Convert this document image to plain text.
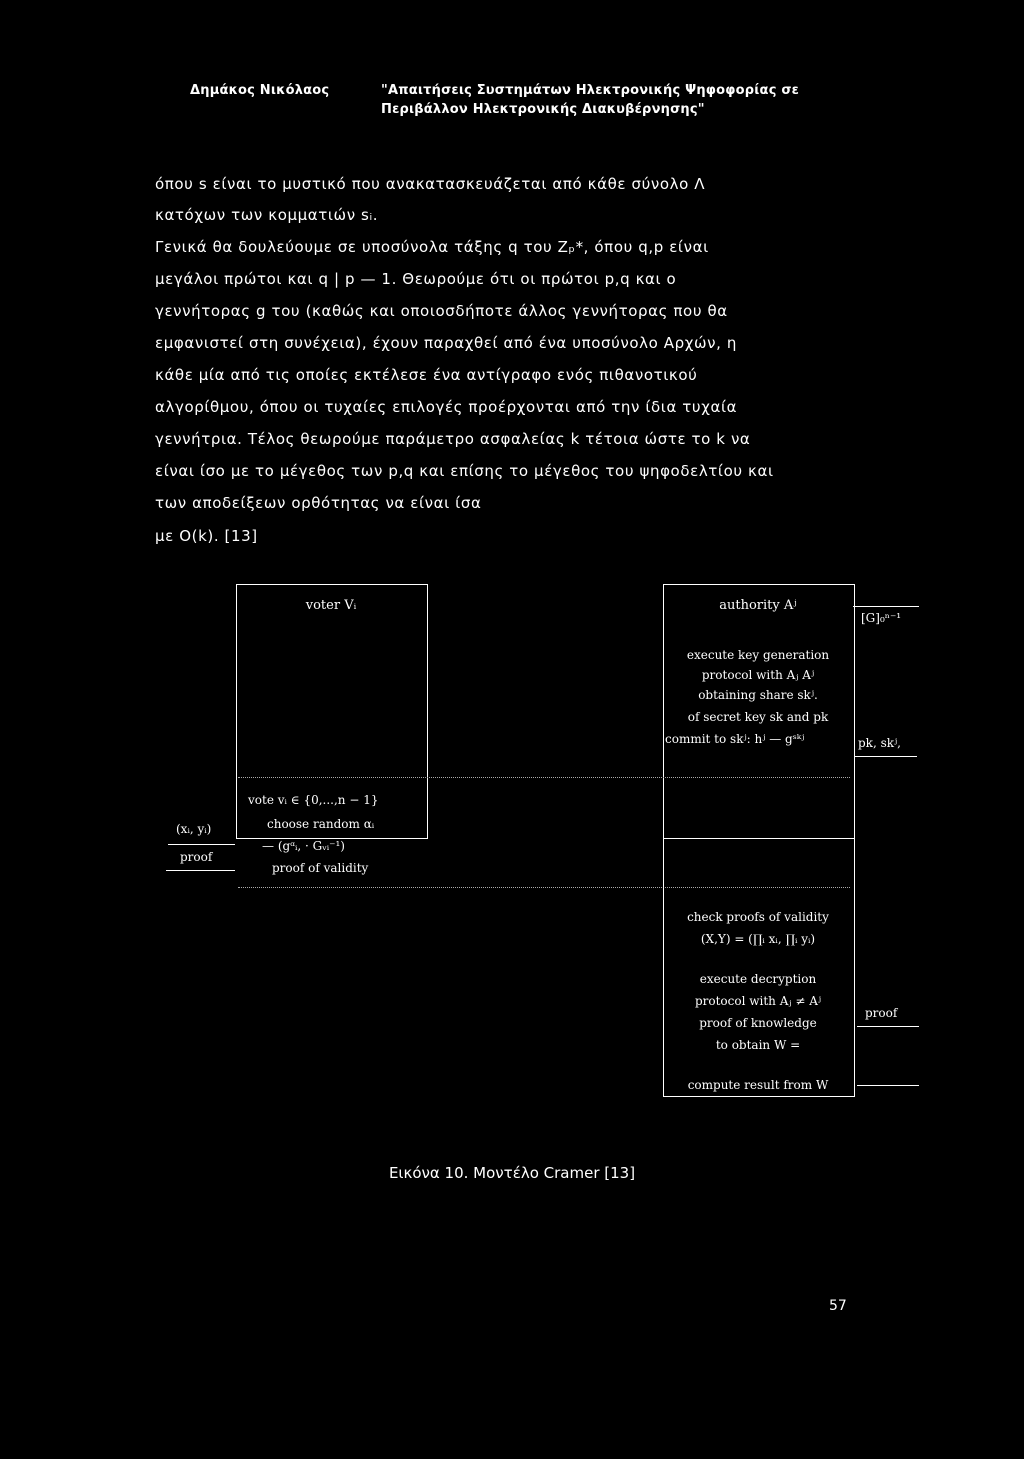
Δημάκος Νικόλαος	"Απαιτήσεις Συστημάτων Ηλεκτρονικής Ψηφοφορίας σε
Περιβάλλον Ηλεκτρονικής Διακυβέρνησης"

όπου s είναι το μυστικό που ανακατασκευάζεται από κάθε σύνολο Λ

κατόχων των κομματιών sᵢ.

Γενικά θα δουλεύουμε σε υποσύνολα τάξης q του Zₚ*, όπου q,p είναι

μεγάλοι πρώτοι και q | p — 1. Θεωρούμε ότι οι πρώτοι p,q και ο

γεννήτορας g του (καθώς και οποιοσδήποτε άλλος γεννήτορας που θα

εμφανιστεί στη συνέχεια), έχουν παραχθεί από ένα υποσύνολο Αρχών, η

κάθε μία από τις οποίες εκτέλεσε ένα αντίγραφο ενός πιθανοτικού

αλγορίθμου, όπου οι τυχαίες επιλογές προέρχονται από την ίδια τυχαία

γεννήτρια. Τέλος θεωρούμε παράμετρο ασφαλείας k τέτοια ώστε το k να

είναι ίσο με το μέγεθος των p,q και επίσης το μέγεθος του ψηφοδελτίου και

των αποδείξεων ορθότητας να είναι ίσα

με O(k). [13]

voter Vᵢ	authority Aʲ
execute key generation
protocol with Aⱼ Aʲ
obtaining share skʲ.
of secret key sk and pk
commit to skʲ: hʲ — gˢᵏʲ
[G]₀ⁿ⁻¹
pk, skʲ,
vote vᵢ ∈ {0,...,n − 1}
choose random αᵢ
— (gᵅᵢ, · Gᵥᵢ⁻¹)
proof of validity
(xᵢ, yᵢ)
proof
check proofs of validity
(X,Y) = (∏ᵢ xᵢ, ∏ᵢ yᵢ)
execute decryption
protocol with Aⱼ ≠ Aʲ
proof of knowledge
to obtain W =
proof
compute result from W
Εικόνα 10. Μοντέλο Cramer [13]
57
